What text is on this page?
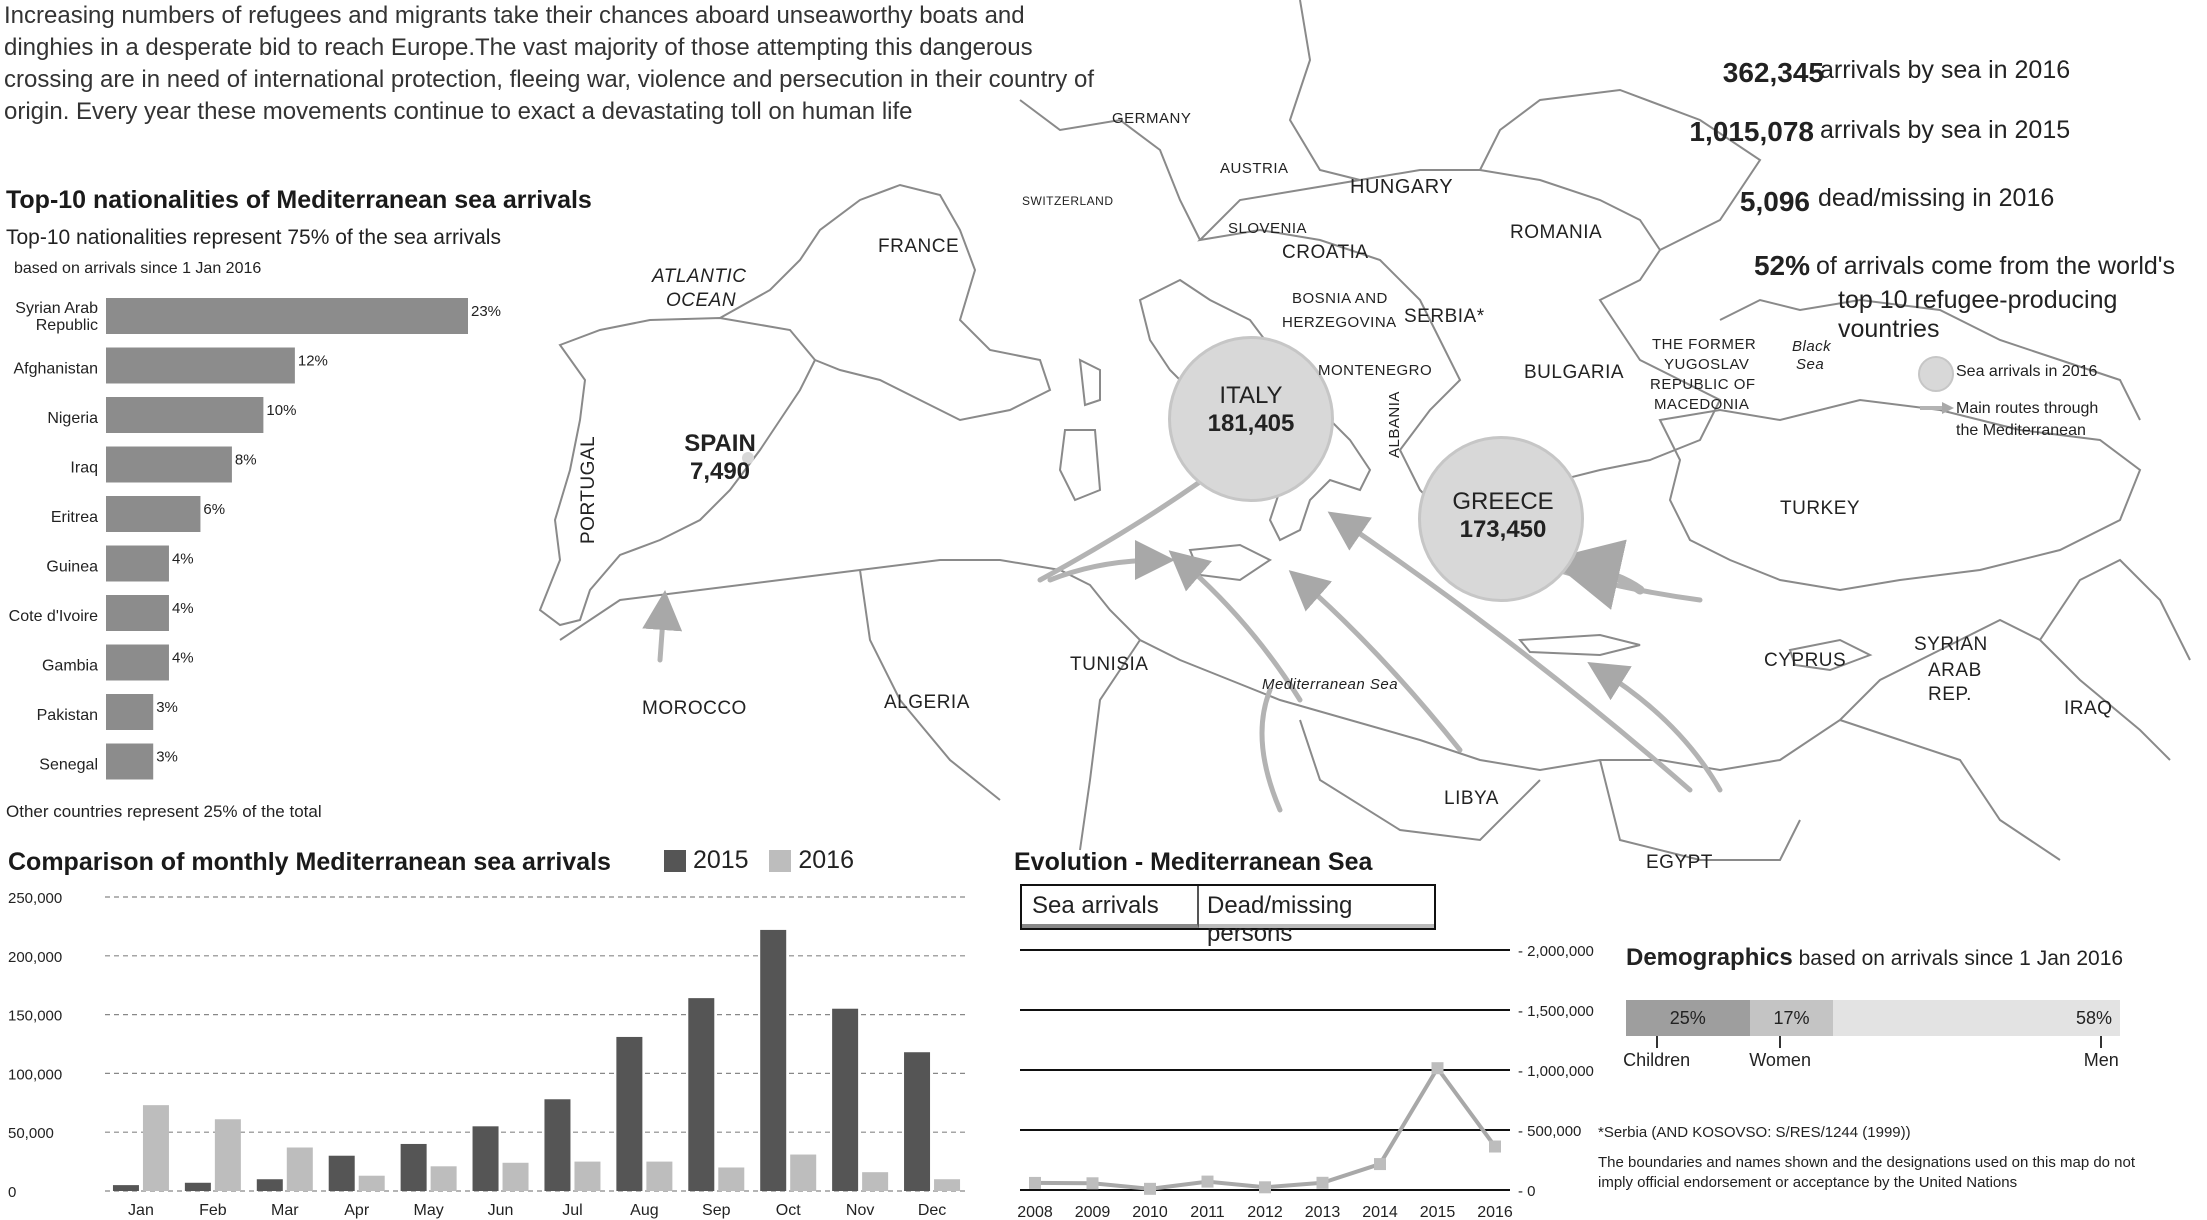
Increasing numbers of refugees and migrants take their chances aboard unseaworthy boats and dinghies in a desperate bid to reach Europe.The vast majority of those attempting this dangerous crossing are in need of international protection, fleeing war, violence and persecution in their country of origin. Every year these movements continue to exact a devastating toll on human life
ITALY
181,405
GREECE
173,450
SPAIN
7,490
GERMANY
AUSTRIA
SWITZERLAND
HUNGARY
ROMANIA
SLOVENIA
CROATIA
BOSNIA AND
HERZEGOVINA SERBIA*
MONTENEGRO	BULGARIA
THE FORMER
YUGOSLAV
REPUBLIC OF
MACEDONIA
ALBANIA
FRANCE
PORTUGAL	TURKEY
CYPRUS
SYRIAN
ARAB
REP.
IRAQ
EGYPT
LIBYA
TUNISIA
ALGERIA
MOROCCO
ATLANTIC
OCEAN
Black
Sea
Mediterranean Sea
Sea arrivals in 2016
Main routes through
the Mediterranean
362,345
arrivals by sea in 2016
1,015,078 arrivals by sea in 2015
5,096 dead/missing in 2016
52% of arrivals come from the world's
top 10 refugee-producing vountries
Top-10 nationalities of Mediterranean sea arrivals
Top-10 nationalities represent 75% of the sea arrivals
based on arrivals since 1 Jan 2016
23%
Syrian Arab
Republic
12%
Afghanistan
10%
Nigeria
8%
Iraq
6%
Eritrea
4%
Guinea
4%
Cote d'Ivoire
4%
Gambia
3%
Pakistan
3%
Senegal
Other countries represent 25% of the total
Comparison of monthly Mediterranean sea arrivals	2015 2016
0
50,000
100,000
150,000
200,000
250,000
Jan	Feb	Mar	Apr	May	Jun	Jul	Aug	Sep	Oct	Nov	Dec
Evolution - Mediterranean Sea
Sea arrivals	Dead/missing persons
- 0
- 500,000
- 1,000,000
- 1,500,000
- 2,000,000
2008 2009 2010 2011 2012 2013 2014 2015 2016
Demographics based on arrivals since 1 Jan 2016
25%	17%	58%
Children	Women	Men
*Serbia (AND KOSOVSO: S/RES/1244 (1999))
The boundaries and names shown and the designations used on this map do not
imply official endorsement or acceptance by the United Nations
